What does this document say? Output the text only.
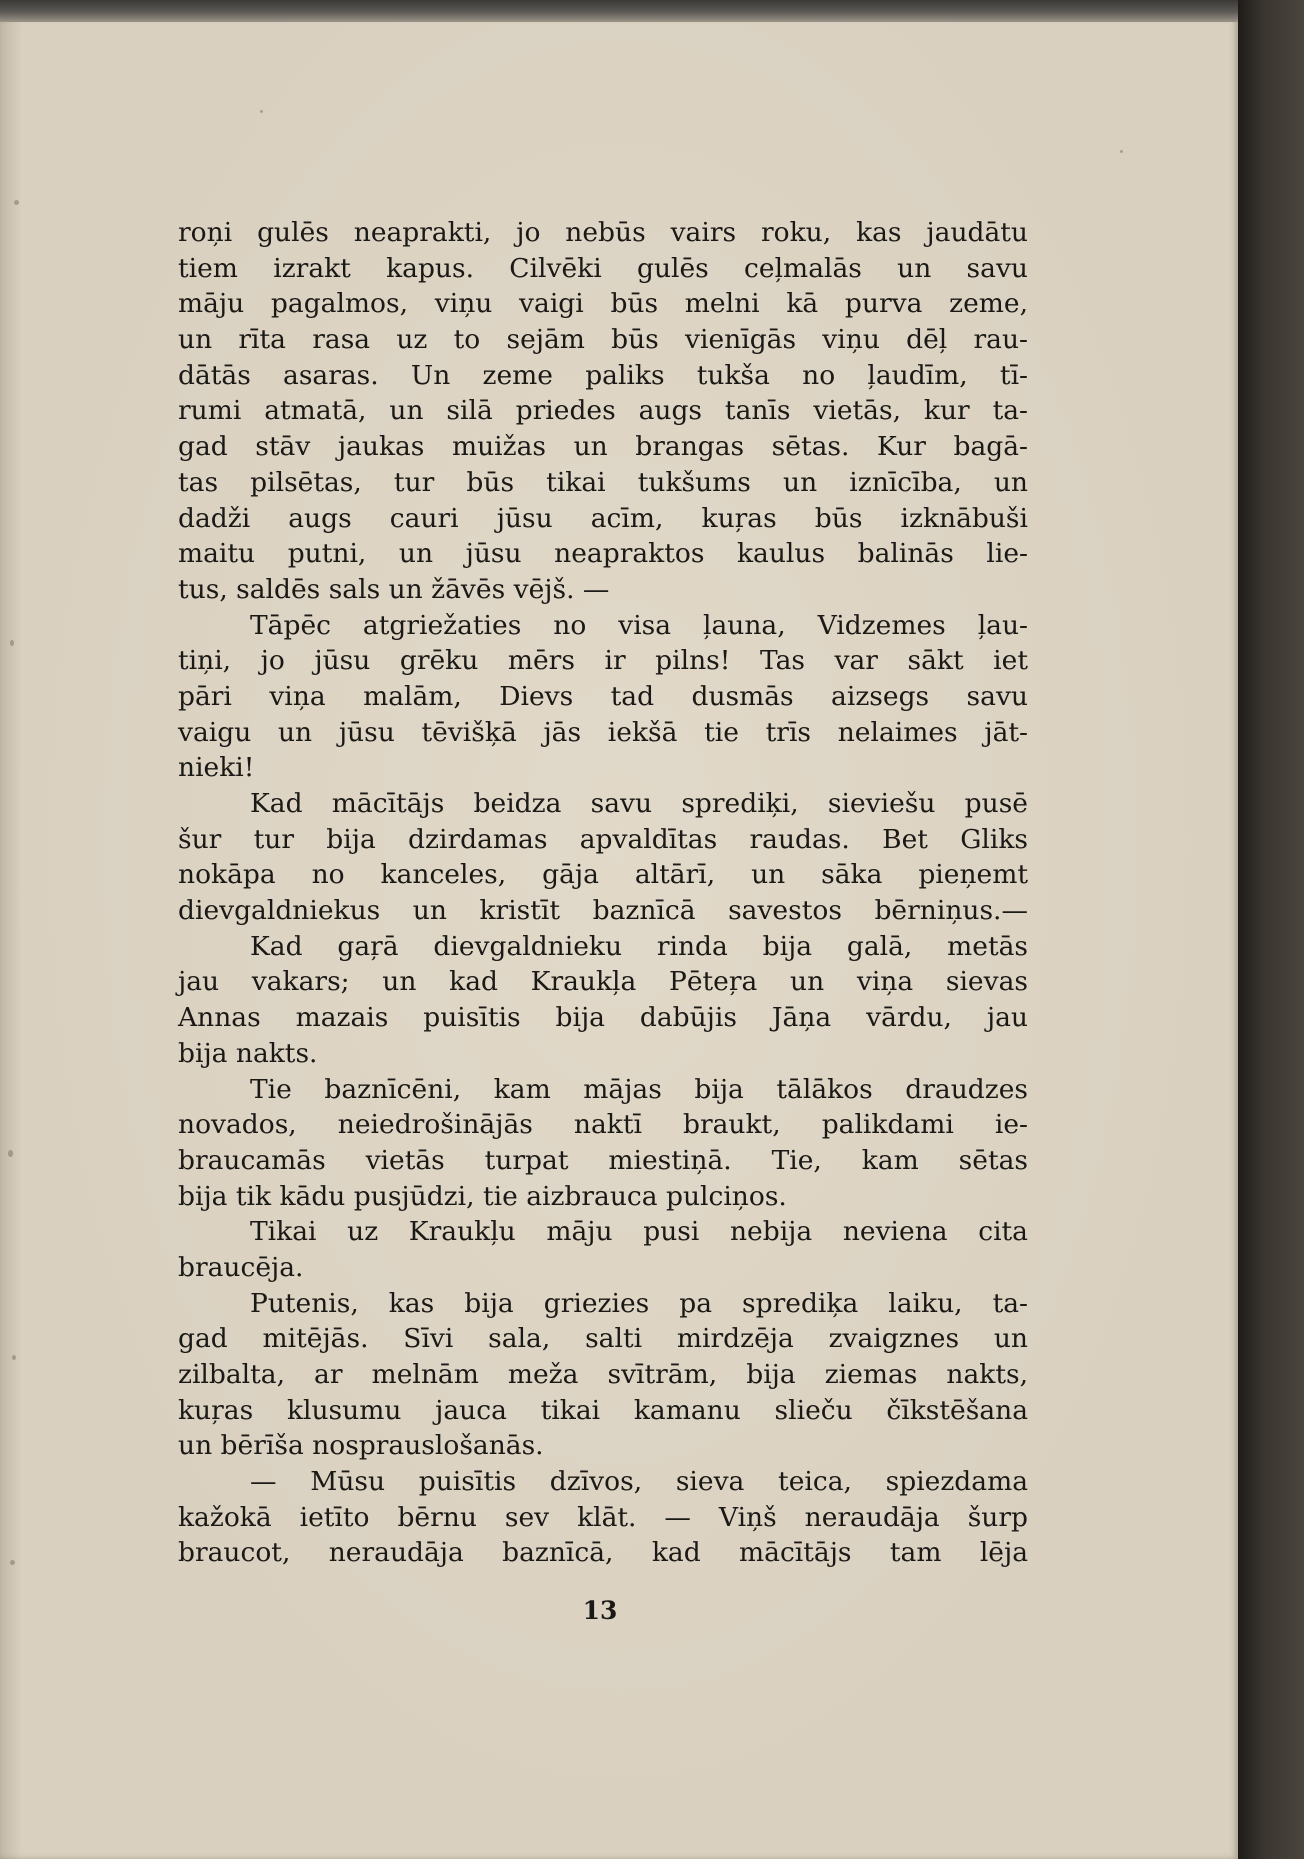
roņi gulēs neaprakti, jo nebūs vairs roku, kas jaudātu
tiem izrakt kapus. Cilvēki gulēs ceļmalās un savu
māju pagalmos, viņu vaigi būs melni kā purva zeme,
un rīta rasa uz to sejām būs vienīgās viņu dēļ rau-
dātās asaras. Un zeme paliks tukša no ļaudīm, tī-
rumi atmatā, un silā priedes augs tanīs vietās, kur ta-
gad stāv jaukas muižas un brangas sētas. Kur bagā-
tas pilsētas, tur būs tikai tukšums un iznīcība, un
dadži augs cauri jūsu acīm, kuŗas būs izknābuši
maitu putni, un jūsu neapraktos kaulus balinās lie-
tus, saldēs sals un žāvēs vējš. —
Tāpēc atgriežaties no visa ļauna, Vidzemes ļau-
tiņi, jo jūsu grēku mērs ir pilns! Tas var sākt iet
pāri viņa malām, Dievs tad dusmās aizsegs savu
vaigu un jūsu tēvišķā jās iekšā tie trīs nelaimes jāt-
nieki!
Kad mācītājs beidza savu sprediķi, sieviešu pusē
šur tur bija dzirdamas apvaldītas raudas. Bet Gliks
nokāpa no kanceles, gāja altārī, un sāka pieņemt
dievgaldniekus un kristīt baznīcā savestos bērniņus.—
Kad gaŗā dievgaldnieku rinda bija galā, metās
jau vakars; un kad Kraukļa Pēteŗa un viņa sievas
Annas mazais puisītis bija dabūjis Jāņa vārdu, jau
bija nakts.
Tie baznīcēni, kam mājas bija tālākos draudzes
novados, neiedrošinājās naktī braukt, palikdami ie-
braucamās vietās turpat miestiņā. Tie, kam sētas
bija tik kādu pusjūdzi, tie aizbrauca pulciņos.
Tikai uz Kraukļu māju pusi nebija neviena cita
braucēja.
Putenis, kas bija griezies pa sprediķa laiku, ta-
gad mitējās. Sīvi sala, salti mirdzēja zvaigznes un
zilbalta, ar melnām meža svītrām, bija ziemas nakts,
kuŗas klusumu jauca tikai kamanu slieču čīkstēšana
un bērīša nosprauslošanās.
— Mūsu puisītis dzīvos, sieva teica, spiezdama
kažokā ietīto bērnu sev klāt. — Viņš neraudāja šurp
braucot, neraudāja baznīcā, kad mācītājs tam lēja
13
